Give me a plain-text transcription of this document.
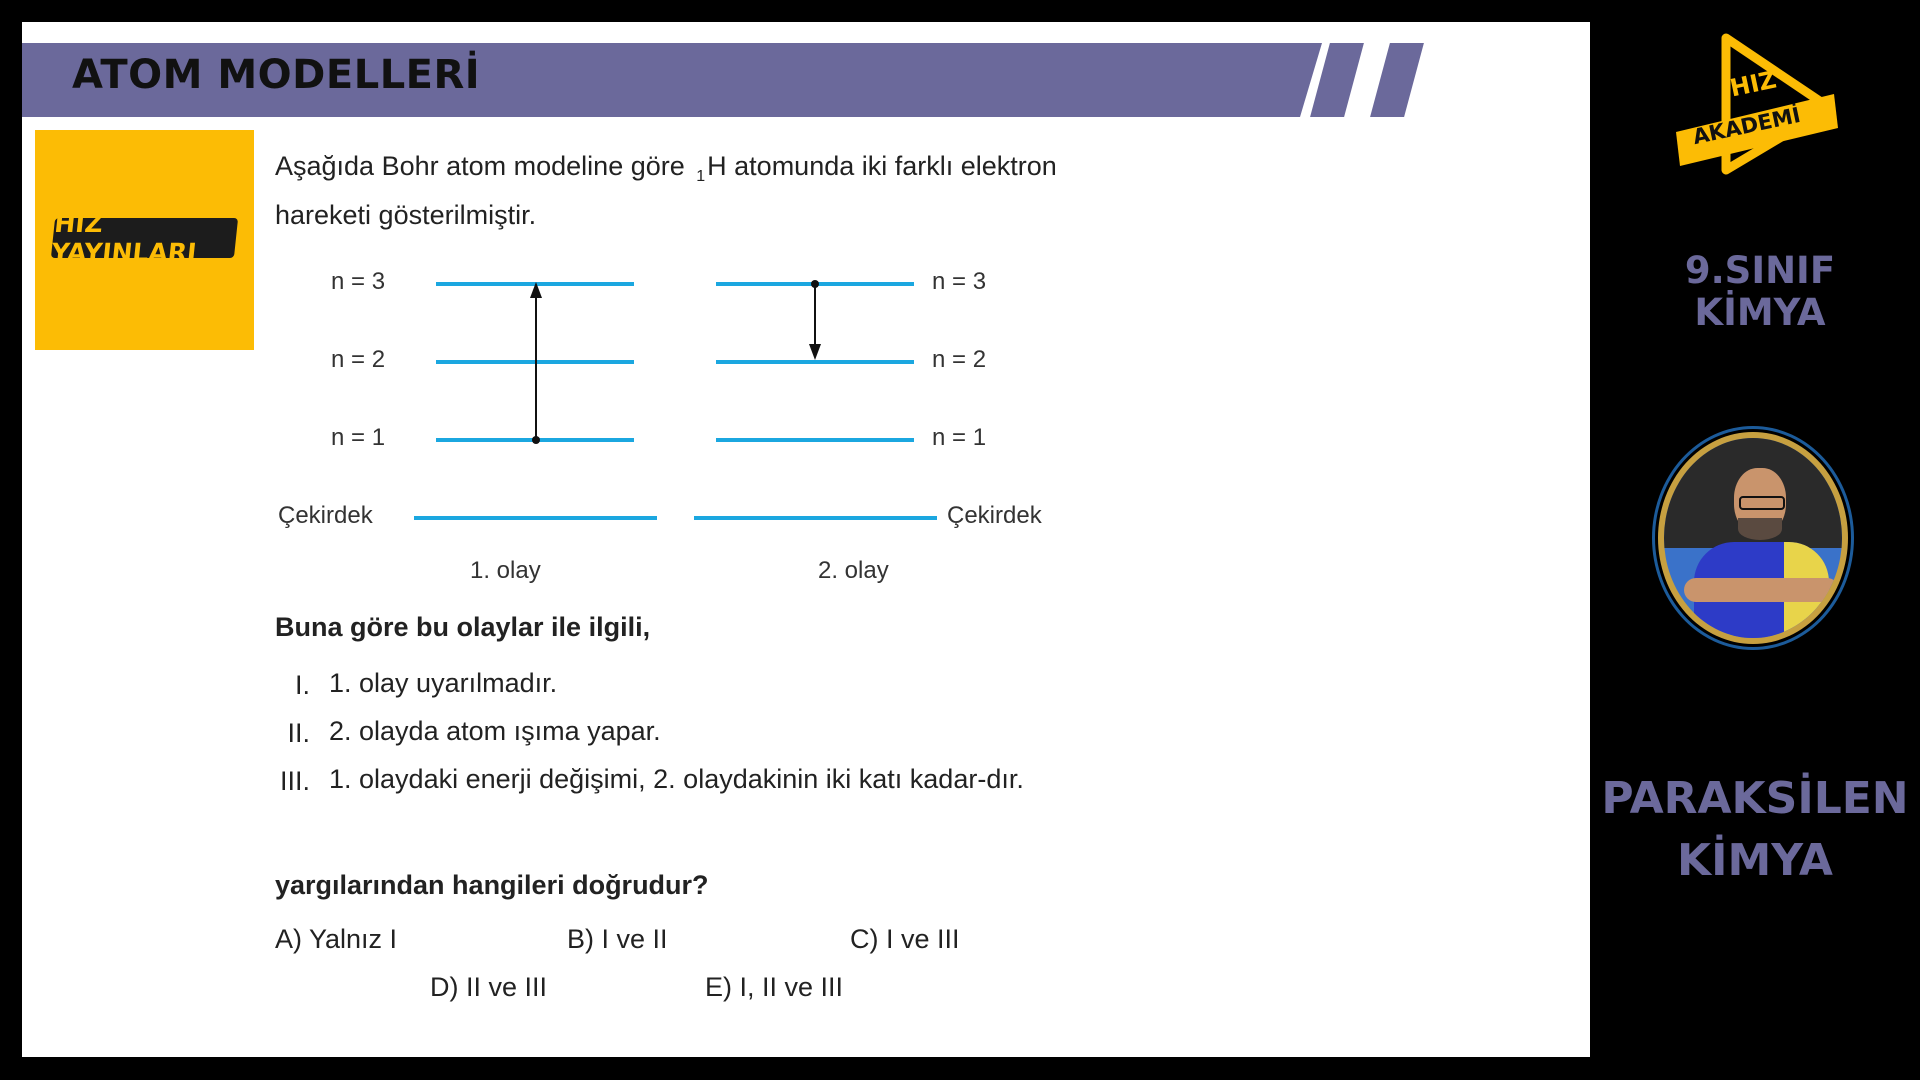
ATOM MODELLERİ
HIZ YAYINLARI
Aşağıda Bohr atom modeline göre $_1$H atomunda iki farklı elektron hareketi gösterilmiştir.
n = 3
n = 2
n = 1
Çekirdek
n = 3
n = 2
n = 1
Çekirdek
1. olay	2. olay
Buna göre bu olaylar ile ilgili,
I. 1. olay uyarılmadır.
II. 2. olayda atom ışıma yapar.
III. 1. olaydaki enerji değişimi, 2. olaydakinin iki katı kadar-dır.
yargılarından hangileri doğrudur?
A) Yalnız I	B) I ve II	C) I ve III
D) II ve III	E) I, II ve III
HIZ
AKADEMİ
9.SINIF
KİMYA
PARAKSİLEN
KİMYA
